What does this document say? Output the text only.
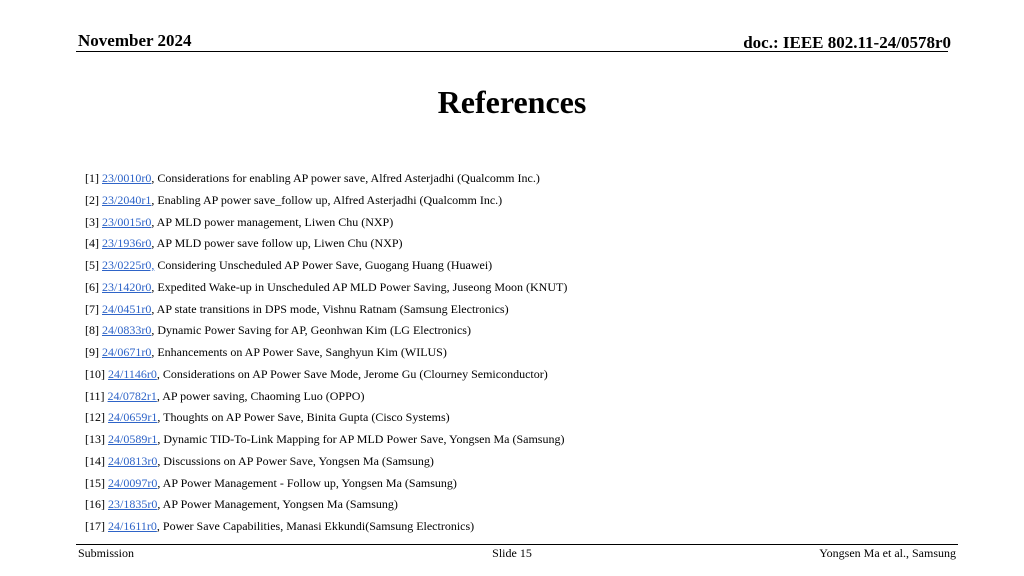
November 2024	doc.: IEEE 802.11-24/0578r0
References
[1] 23/0010r0, Considerations for enabling AP power save, Alfred Asterjadhi (Qualcomm Inc.)
[2] 23/2040r1, Enabling AP power save_follow up, Alfred Asterjadhi (Qualcomm Inc.)
[3] 23/0015r0, AP MLD power management, Liwen Chu (NXP)
[4] 23/1936r0, AP MLD power save follow up, Liwen Chu (NXP)
[5] 23/0225r0, Considering Unscheduled AP Power Save, Guogang Huang (Huawei)
[6] 23/1420r0, Expedited Wake-up in Unscheduled AP MLD Power Saving, Juseong Moon (KNUT)
[7] 24/0451r0, AP state transitions in DPS mode, Vishnu Ratnam (Samsung Electronics)
[8] 24/0833r0, Dynamic Power Saving for AP, Geonhwan Kim (LG Electronics)
[9] 24/0671r0, Enhancements on AP Power Save, Sanghyun Kim (WILUS)
[10] 24/1146r0, Considerations on AP Power Save Mode, Jerome Gu (Clourney Semiconductor)
[11] 24/0782r1, AP power saving, Chaoming Luo (OPPO)
[12] 24/0659r1, Thoughts on AP Power Save, Binita Gupta (Cisco Systems)
[13] 24/0589r1, Dynamic TID-To-Link Mapping for AP MLD Power Save, Yongsen Ma (Samsung)
[14] 24/0813r0, Discussions on AP Power Save, Yongsen Ma (Samsung)
[15] 24/0097r0, AP Power Management - Follow up, Yongsen Ma (Samsung)
[16] 23/1835r0, AP Power Management, Yongsen Ma (Samsung)
[17] 24/1611r0, Power Save Capabilities, Manasi Ekkundi(Samsung Electronics)
Submission	Slide 15	Yongsen Ma et al., Samsung
